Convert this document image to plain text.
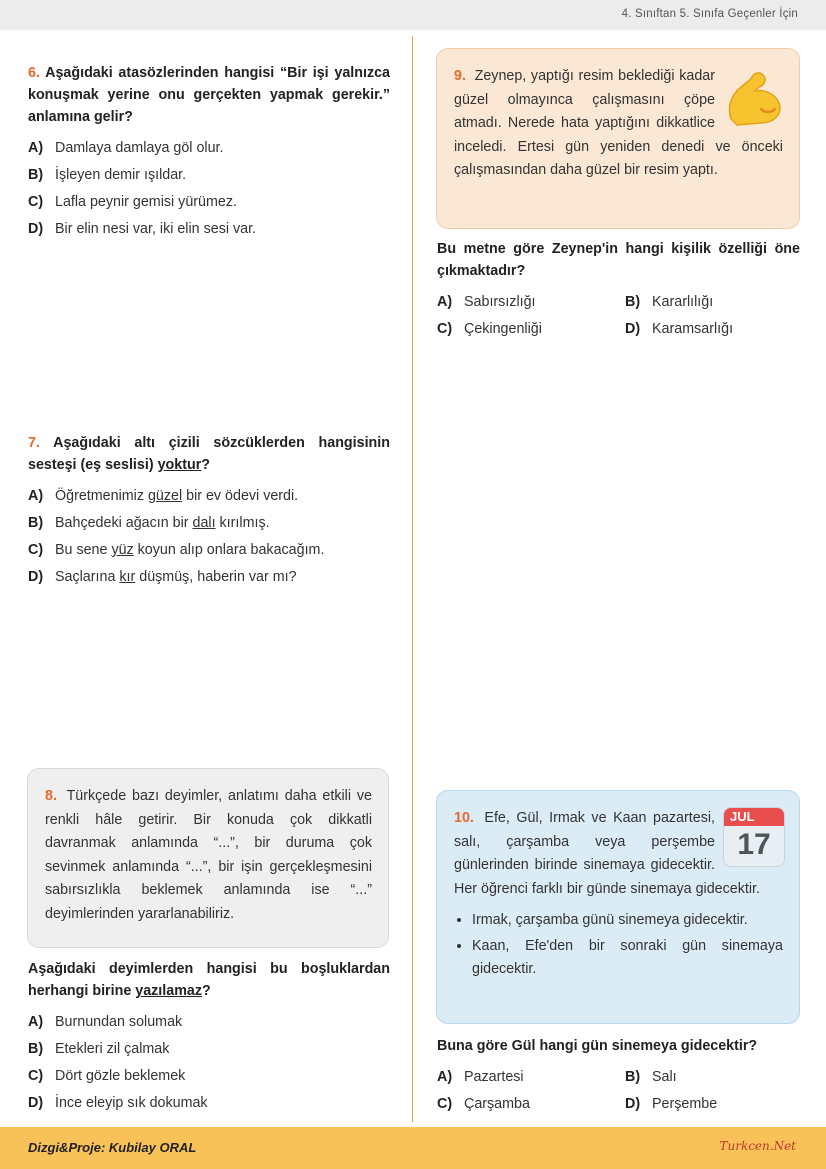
4. Sınıftan 5. Sınıfa Geçenler İçin
6. Aşağıdaki atasözlerinden hangisi “Bir işi yalnızca konuşmak yerine onu gerçekten yapmak gerekir.” anlamına gelir?
A) Damlaya damlaya göl olur.
B) İşleyen demir ışıldar.
C) Lafla peynir gemisi yürümez.
D) Bir elin nesi var, iki elin sesi var.
7. Aşağıdaki altı çizili sözcüklerden hangisinin sesteşi (eş seslisi) yoktur?
A) Öğretmenimiz güzel bir ev ödevi verdi.
B) Bahçedeki ağacın bir dalı kırılmış.
C) Bu sene yüz koyun alıp onlara bakacağım.
D) Saçlarına kır düşmüş, haberin var mı?
8. Türkçede bazı deyimler, anlatımı daha etkili ve renkli hâle getirir. Bir konuda çok dikkatli davranmak anlamında “...”, bir duruma çok sevinmek anlamında “...”, bir işin gerçekleşmesini sabırsızlıkla beklemek anlamında ise “...” deyimlerinden yararlanabiliriz.
Aşağıdaki deyimlerden hangisi bu boşluklardan herhangi birine yazılamaz?
A) Burnundan solumak
B) Etekleri zil çalmak
C) Dört gözle beklemek
D) İnce eleyip sık dokumak
9. Zeynep, yaptığı resim beklediği kadar güzel olmayınca çalışmasını çöpe atmadı. Nerede hata yaptığını dikkatlice inceledi. Ertesi gün yeniden denedi ve önceki çalışmasından daha güzel bir resim yaptı.
Bu metne göre Zeynep'in hangi kişilik özelliği öne çıkmaktadır?
A) Sabırsızlığı	B) Kararlılığı
C) Çekingenliği	D) Karamsarlığı
JUL
17
10. Efe, Gül, Irmak ve Kaan pazartesi, salı, çarşamba veya perşembe günlerinden birinde sinemaya gidecektir. Her öğrenci farklı bir günde sinemaya gidecektir.
• Irmak, çarşamba günü sinemeya gidecektir.
• Kaan, Efe'den bir sonraki gün sinemaya gidecektir.
Buna göre Gül hangi gün sinemeya gidecektir?
A) Pazartesi	B) Salı
C) Çarşamba	D) Perşembe
Dizgi&Proje: Kubilay ORAL	Turkcen.Net
